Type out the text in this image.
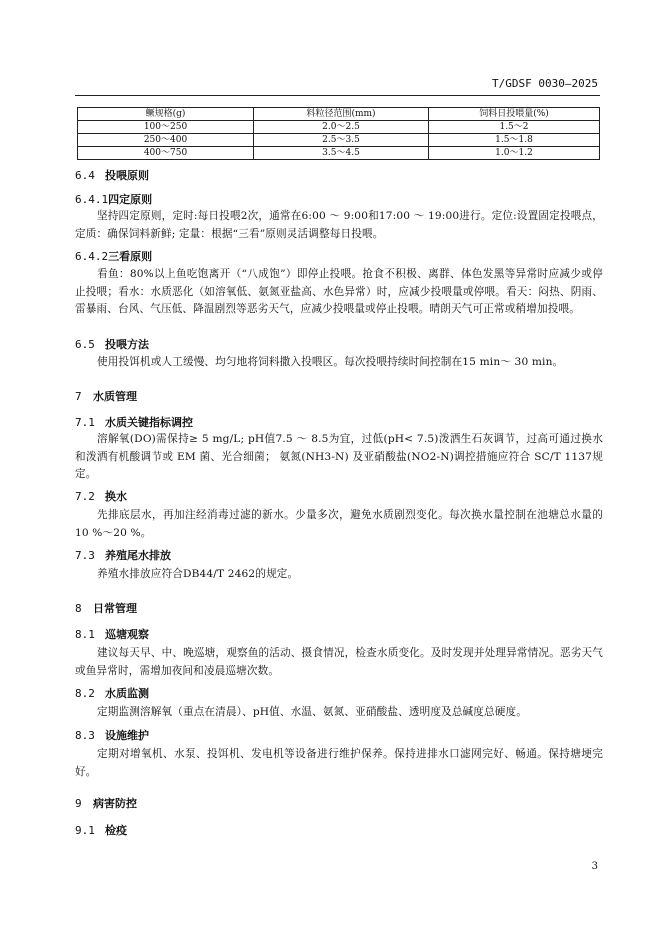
T/GDSF 0030—2025
鳜规格(g)	料粒径范围(mm)	饲料日投喂量(%)
100～250	2.0～2.5	1.5～2
250～400	2.5～3.5	1.5～1.8
400～750	3.5～4.5	1.0～1.2
6.4 投喂原则
6.4.1四定原则
坚持四定原则，定时:每日投喂2次，通常在6:00 ～ 9:00和17:00 ～ 19:00进行。定位:设置固定投喂点，定质：确保饲料新鲜; 定量：根据“三看”原则灵活调整每日投喂。
6.4.2三看原则
看鱼：80%以上鱼吃饱离开（“八成饱”）即停止投喂。抢食不积极、离群、体色发黑等异常时应减少或停止投喂；看水：水质恶化（如溶氧低、氨氮亚盐高、水色异常）时，应减少投喂量或停喂。看天：闷热、阴雨、雷暴雨、台风、气压低、降温剧烈等恶劣天气，应减少投喂量或停止投喂。晴朗天气可正常或稍增加投喂。
6.5 投喂方法
使用投饵机或人工缓慢、均匀地将饲料撒入投喂区。每次投喂持续时间控制在15 min～ 30 min。
7 水质管理
7.1 水质关键指标调控
溶解氧(DO)需保持≥ 5 mg/L; pH值7.5 ～ 8.5为宜，过低(pH< 7.5)泼洒生石灰调节，过高可通过换水和泼洒有机酸调节或 EM 菌、光合细菌； 氨氮(NH3-N) 及亚硝酸盐(NO2-N)调控措施应符合 SC/T 1137规定。
7.2 换水
先排底层水，再加注经消毒过滤的新水。少量多次，避免水质剧烈变化。每次换水量控制在池塘总水量的10 %～20 %。
7.3 养殖尾水排放
养殖水排放应符合DB44/T 2462的规定。
8 日常管理
8.1 巡塘观察
建议每天早、中、晚巡塘，观察鱼的活动、摄食情况，检查水质变化。及时发现并处理异常情况。恶劣天气或鱼异常时，需增加夜间和凌晨巡塘次数。
8.2 水质监测
定期监测溶解氧（重点在清晨）、pH值、水温、氨氮、亚硝酸盐、透明度及总碱度总硬度。
8.3 设施维护
定期对增氧机、水泵、投饵机、发电机等设备进行维护保养。保持进排水口滤网完好、畅通。保持塘埂完好。
9 病害防控
9.1 检疫
3
